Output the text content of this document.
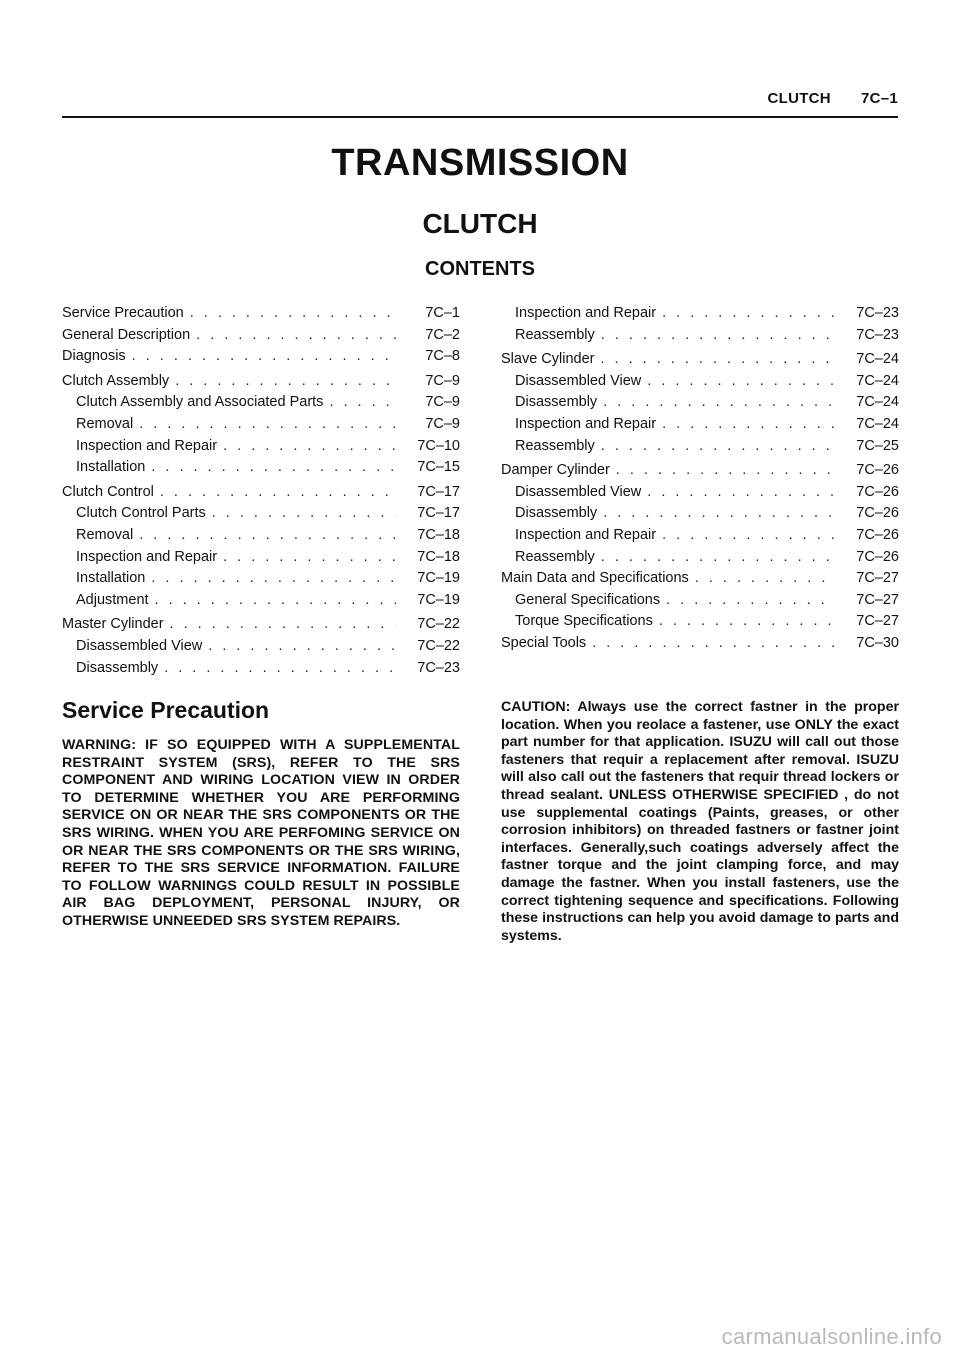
CLUTCH 7C–1
TRANSMISSION
CLUTCH
CONTENTS
Service Precaution . . .	7C–1
General Description . . .	7C–2
Diagnosis . . .	7C–8
Clutch Assembly . . .	7C–9
Clutch Assembly and Associated Parts . . .	7C–9
Removal . . .	7C–9
Inspection and Repair . . .	7C–10
Installation . . .	7C–15
Clutch Control . . .	7C–17
Clutch Control Parts . . .	7C–17
Removal . . .	7C–18
Inspection and Repair . . .	7C–18
Installation . . .	7C–19
Adjustment . . .	7C–19
Master Cylinder . . .	7C–22
Disassembled View . . .	7C–22
Disassembly . . .	7C–23
Inspection and Repair . . .	7C–23
Reassembly . . .	7C–23
Slave Cylinder . . .	7C–24
Disassembled View . . .	7C–24
Disassembly . . .	7C–24
Inspection and Repair . . .	7C–24
Reassembly . . .	7C–25
Damper Cylinder . . .	7C–26
Disassembled View . . .	7C–26
Disassembly . . .	7C–26
Inspection and Repair . . .	7C–26
Reassembly . . .	7C–26
Main Data and Specifications . . .	7C–27
General Specifications . . .	7C–27
Torque Specifications . . .	7C–27
Special Tools . . .	7C–30
Service Precaution
WARNING: IF SO EQUIPPED WITH A SUPPLEMENTAL RESTRAINT SYSTEM (SRS), REFER TO THE SRS COMPONENT AND WIRING LOCATION VIEW IN ORDER TO DETERMINE WHETHER YOU ARE PERFORMING SERVICE ON OR NEAR THE SRS COMPONENTS OR THE SRS WIRING. WHEN YOU ARE PERFOMING SERVICE ON OR NEAR THE SRS COMPONENTS OR THE SRS WIRING, REFER TO THE SRS SERVICE INFORMATION. FAILURE TO FOLLOW WARNINGS COULD RESULT IN POSSIBLE AIR BAG DEPLOYMENT, PERSONAL INJURY, OR OTHERWISE UNNEEDED SRS SYSTEM REPAIRS.
CAUTION: Always use the correct fastner in the proper location. When you reolace a fastener, use ONLY the exact part number for that application. ISUZU will call out those fasteners that requir a replacement after removal. ISUZU will also call out the fasteners that requir thread lockers or thread sealant. UNLESS OTHERWISE SPECIFIED , do not use supplemental coatings (Paints, greases, or other corrosion inhibitors) on threaded fastners or fastner joint interfaces. Generally,such coatings adversely affect the fastner torque and the joint clamping force, and may damage the fastner. When you install fasteners, use the correct tightening sequence and specifications. Following these instructions can help you avoid damage to parts and systems.
carmanualsonline.info
